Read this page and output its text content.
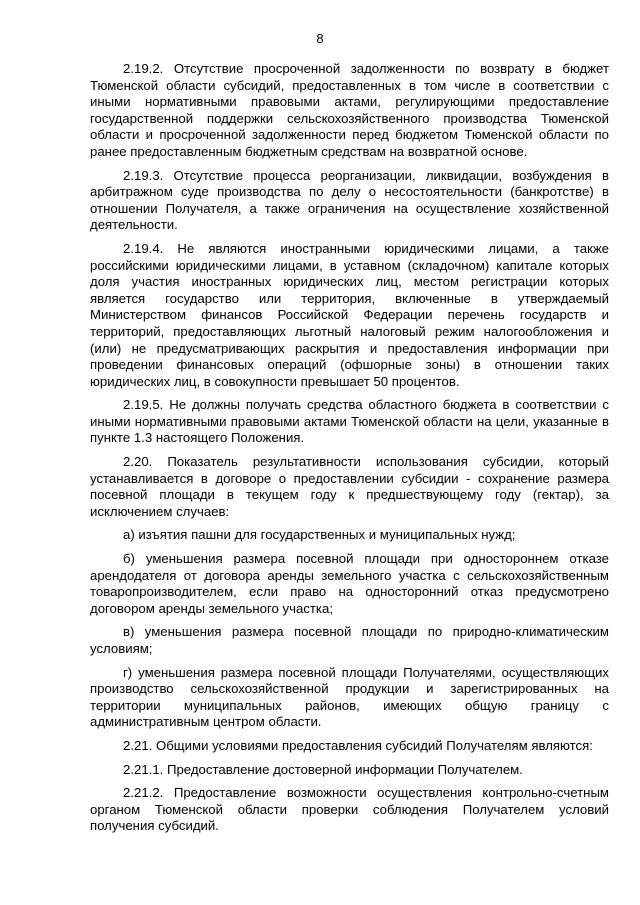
8

2.19.2. Отсутствие просроченной задолженности по возврату в бюджет Тюменской области субсидий, предоставленных в том числе в соответствии с иными нормативными правовыми актами, регулирующими предоставление государственной поддержки сельскохозяйственного производства Тюменской области и просроченной задолженности перед бюджетом Тюменской области по ранее предоставленным бюджетным средствам на возвратной основе.

2.19.3. Отсутствие процесса реорганизации, ликвидации, возбуждения в арбитражном суде производства по делу о несостоятельности (банкротстве) в отношении Получателя, а также ограничения на осуществление хозяйственной деятельности.

2.19.4. Не являются иностранными юридическими лицами, а также российскими юридическими лицами, в уставном (складочном) капитале которых доля участия иностранных юридических лиц, местом регистрации которых является государство или территория, включенные в утверждаемый Министерством финансов Российской Федерации перечень государств и территорий, предоставляющих льготный налоговый режим налогообложения и (или) не предусматривающих раскрытия и предоставления информации при проведении финансовых операций (офшорные зоны) в отношении таких юридических лиц, в совокупности превышает 50 процентов.

2.19.5. Не должны получать средства областного бюджета в соответствии с иными нормативными правовыми актами Тюменской области на цели, указанные в пункте 1.3 настоящего Положения.

2.20. Показатель результативности использования субсидии, который устанавливается в договоре о предоставлении субсидии - сохранение размера посевной площади в текущем году к предшествующему году (гектар), за исключением случаев:

а) изъятия пашни для государственных и муниципальных нужд;

б) уменьшения размера посевной площади при одностороннем отказе арендодателя от договора аренды земельного участка с сельскохозяйственным товаропроизводителем, если право на односторонний отказ предусмотрено договором аренды земельного участка;

в) уменьшения размера посевной площади по природно-климатическим условиям;

г) уменьшения размера посевной площади Получателями, осуществляющих производство сельскохозяйственной продукции и зарегистрированных на территории муниципальных районов, имеющих общую границу с административным центром области.

2.21. Общими условиями предоставления субсидий Получателям являются:

2.21.1. Предоставление достоверной информации Получателем.

2.21.2. Предоставление возможности осуществления контрольно-счетным органом Тюменской области проверки соблюдения Получателем условий получения субсидий.
